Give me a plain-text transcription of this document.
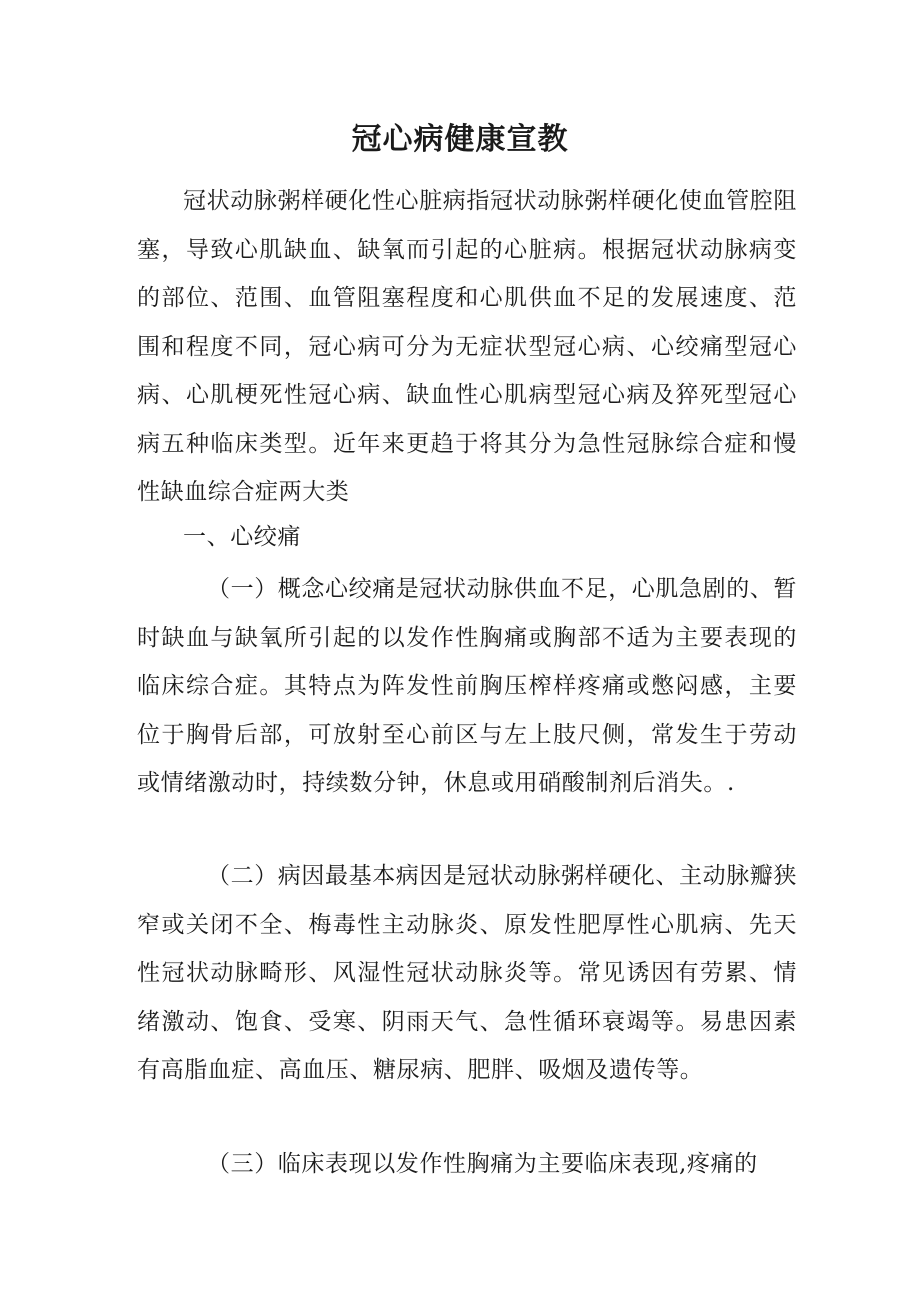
冠心病健康宣教

冠状动脉粥样硬化性心脏病指冠状动脉粥样硬化使血管腔阻塞，导致心肌缺血、缺氧而引起的心脏病。根据冠状动脉病变的部位、范围、血管阻塞程度和心肌供血不足的发展速度、范围和程度不同，冠心病可分为无症状型冠心病、心绞痛型冠心病、心肌梗死性冠心病、缺血性心肌病型冠心病及猝死型冠心病五种临床类型。近年来更趋于将其分为急性冠脉综合症和慢性缺血综合症两大类

一、心绞痛

（一）概念心绞痛是冠状动脉供血不足，心肌急剧的、暂时缺血与缺氧所引起的以发作性胸痛或胸部不适为主要表现的临床综合症。其特点为阵发性前胸压榨样疼痛或憋闷感，主要位于胸骨后部，可放射至心前区与左上肢尺侧，常发生于劳动或情绪激动时，持续数分钟，休息或用硝酸制剂后消失。.

（二）病因最基本病因是冠状动脉粥样硬化、主动脉瓣狭窄或关闭不全、梅毒性主动脉炎、原发性肥厚性心肌病、先天性冠状动脉畸形、风湿性冠状动脉炎等。常见诱因有劳累、情绪激动、饱食、受寒、阴雨天气、急性循环衰竭等。易患因素有高脂血症、高血压、糖尿病、肥胖、吸烟及遗传等。

（三）临床表现以发作性胸痛为主要临床表现,疼痛的
